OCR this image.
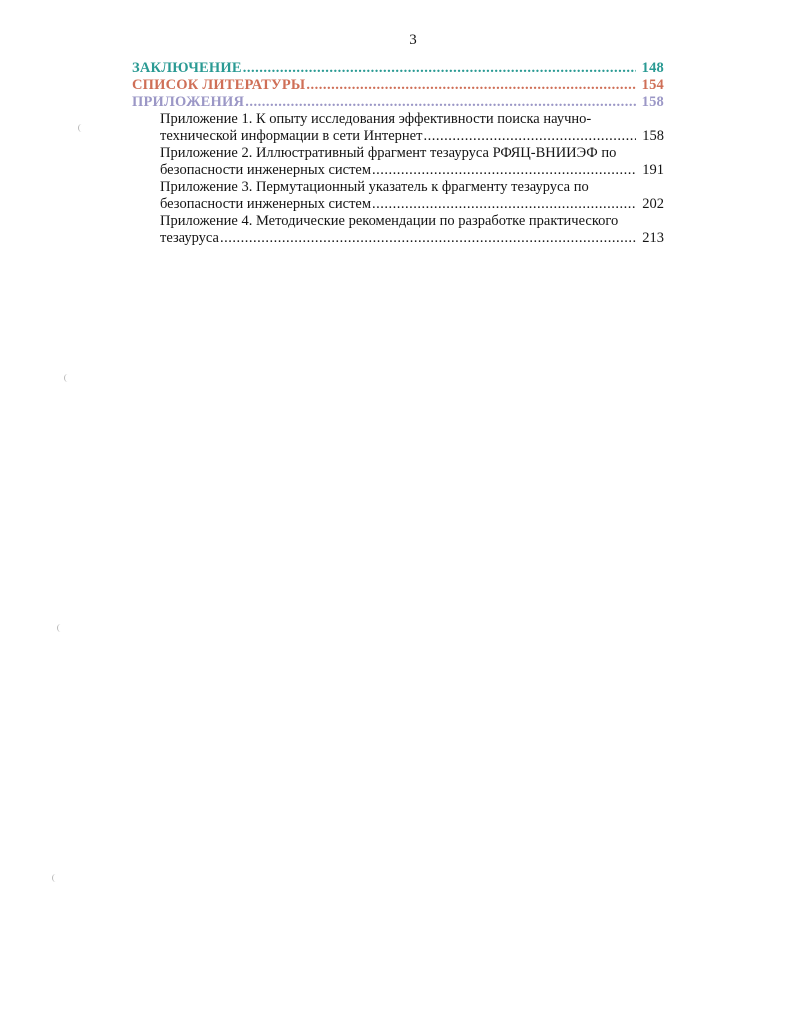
3
ЗАКЛЮЧЕНИЕ .....	148
СПИСОК ЛИТЕРАТУРЫ .....	154
ПРИЛОЖЕНИЯ .....	158
Приложение 1. К опыту исследования эффективности поиска научно-
технической информации в сети Интернет .....	158
Приложение 2. Иллюстративный фрагмент тезауруса РФЯЦ-ВНИИЭФ по
безопасности инженерных систем .....	191
Приложение 3. Пермутационный указатель к фрагменту тезауруса по
безопасности инженерных систем .....	202
Приложение 4. Методические рекомендации по разработке практического
тезауруса .....	213
